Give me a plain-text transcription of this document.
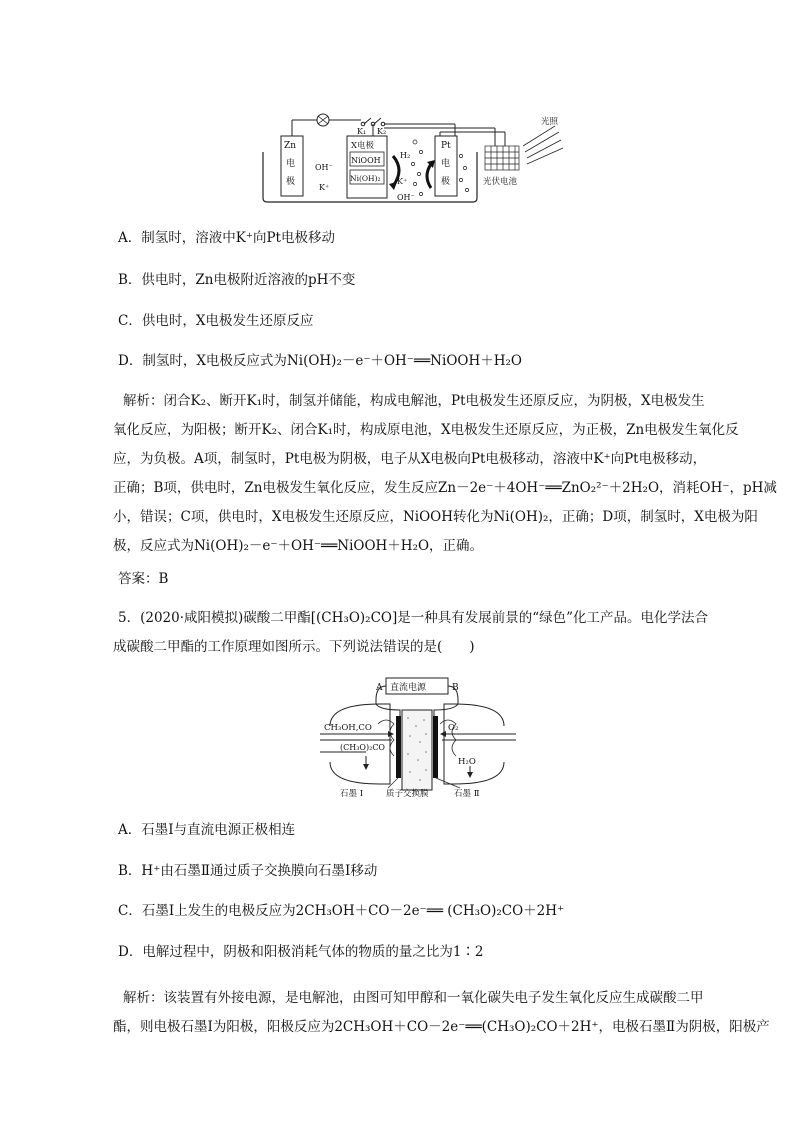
K₁ K₂
Zn
电
极
OH⁻
K⁺
X电极
NiOOH
Ni(OH)₂
H₂
K⁺
OH⁻
Pt
电
极	光伏电池
光照
A．制氢时，溶液中K⁺向Pt电极移动
B．供电时，Zn电极附近溶液的pH不变
C．供电时，X电极发生还原反应
D．制氢时，X电极反应式为Ni(OH)₂－e⁻＋OH⁻══NiOOH＋H₂O
解析：闭合K₂、断开K₁时，制氢并储能，构成电解池，Pt电极发生还原反应，为阴极，X电极发生
氧化反应，为阳极；断开K₂、闭合K₁时，构成原电池，X电极发生还原反应，为正极，Zn电极发生氧化反
应，为负极。A项，制氢时，Pt电极为阴极，电子从X电极向Pt电极移动，溶液中K⁺向Pt电极移动，
正确；B项，供电时，Zn电极发生氧化反应，发生反应Zn－2e⁻＋4OH⁻══ZnO₂²⁻＋2H₂O，消耗OH⁻，pH减
小，错误；C项，供电时，X电极发生还原反应，NiOOH转化为Ni(OH)₂，正确；D项，制氢时，X电极为阳
极，反应式为Ni(OH)₂－e⁻＋OH⁻══NiOOH＋H₂O，正确。
答案：B
5．(2020·咸阳模拟)碳酸二甲酯[(CH₃O)₂CO]是一种具有发展前景的“绿色”化工产品。电化学法合
成碳酸二甲酯的工作原理如图所示。下列说法错误的是(　　)
直流电源
A	B
CH₃OH,CO
(CH₃O)₂CO
O₂
H₂O
石墨 Ⅰ	质子交换膜	石墨 Ⅱ
A．石墨Ⅰ与直流电源正极相连
B．H⁺由石墨Ⅱ通过质子交换膜向石墨Ⅰ移动
C．石墨Ⅰ上发生的电极反应为2CH₃OH＋CO－2e⁻══ (CH₃O)₂CO＋2H⁺
D．电解过程中，阴极和阳极消耗气体的物质的量之比为1∶2
解析：该装置有外接电源，是电解池，由图可知甲醇和一氧化碳失电子发生氧化反应生成碳酸二甲
酯，则电极石墨Ⅰ为阳极，阳极反应为2CH₃OH＋CO－2e⁻══(CH₃O)₂CO＋2H⁺，电极石墨Ⅱ为阴极，阳极产
